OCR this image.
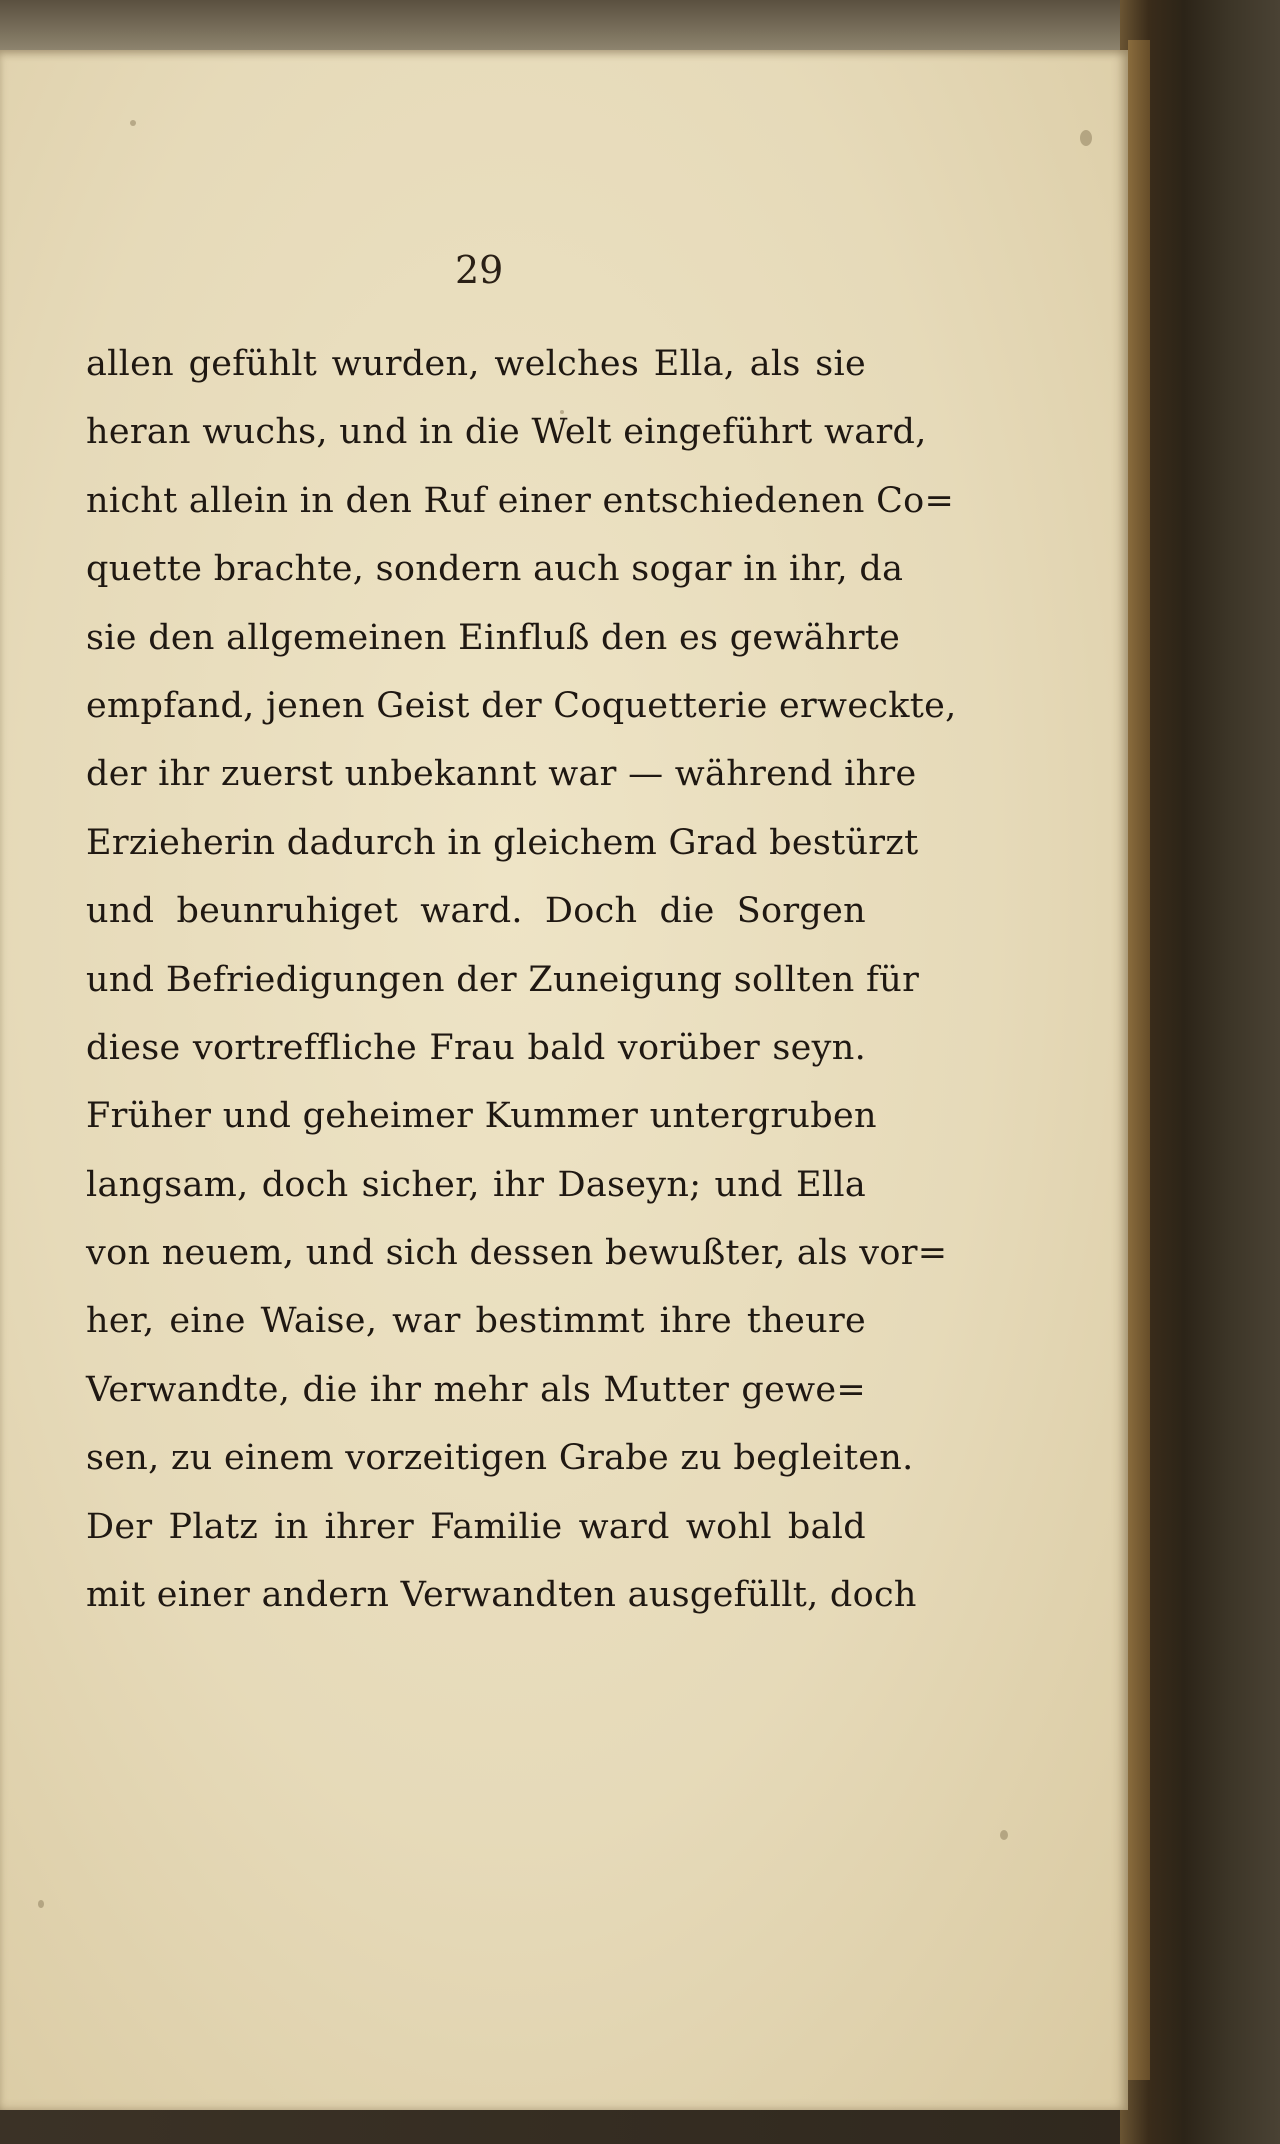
29
allen gefühlt wurden, welches Ella, als sie
heran wuchs, und in die Welt eingeführt ward,
nicht allein in den Ruf einer entschiedenen Co=
quette brachte, sondern auch sogar in ihr, da
sie den allgemeinen Einfluß den es gewährte
empfand, jenen Geist der Coquetterie erweckte,
der ihr zuerst unbekannt war — während ihre
Erzieherin dadurch in gleichem Grad bestürzt
und beunruhiget ward. Doch die Sorgen
und Befriedigungen der Zuneigung sollten für
diese vortreffliche Frau bald vorüber seyn.
Früher und geheimer Kummer untergruben
langsam, doch sicher, ihr Daseyn; und Ella
von neuem, und sich dessen bewußter, als vor=
her, eine Waise, war bestimmt ihre theure
Verwandte, die ihr mehr als Mutter gewe=
sen, zu einem vorzeitigen Grabe zu begleiten.
Der Platz in ihrer Familie ward wohl bald
mit einer andern Verwandten ausgefüllt, doch
